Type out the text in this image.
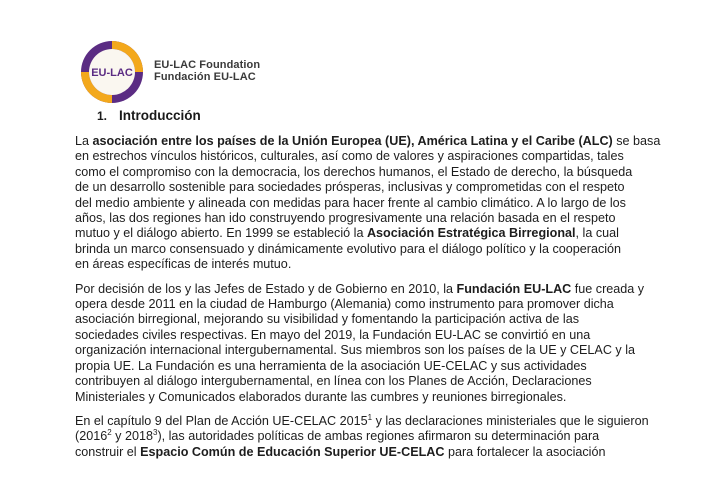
EU-LAC
EU-LAC Foundation
Fundación EU-LAC
1. Introducción
La asociación entre los países de la Unión Europea (UE), América Latina y el Caribe (ALC) se basa
en estrechos vínculos históricos, culturales, así como de valores y aspiraciones compartidas, tales
como el compromiso con la democracia, los derechos humanos, el Estado de derecho, la búsqueda
de un desarrollo sostenible para sociedades prósperas, inclusivas y comprometidas con el respeto
del medio ambiente y alineada con medidas para hacer frente al cambio climático. A lo largo de los
años, las dos regiones han ido construyendo progresivamente una relación basada en el respeto
mutuo y el diálogo abierto. En 1999 se estableció la Asociación Estratégica Birregional, la cual
brinda un marco consensuado y dinámicamente evolutivo para el diálogo político y la cooperación
en áreas específicas de interés mutuo.
Por decisión de los y las Jefes de Estado y de Gobierno en 2010, la Fundación EU-LAC fue creada y
opera desde 2011 en la ciudad de Hamburgo (Alemania) como instrumento para promover dicha
asociación birregional, mejorando su visibilidad y fomentando la participación activa de las
sociedades civiles respectivas. En mayo del 2019, la Fundación EU-LAC se convirtió en una
organización internacional intergubernamental. Sus miembros son los países de la UE y CELAC y la
propia UE. La Fundación es una herramienta de la asociación UE-CELAC y sus actividades
contribuyen al diálogo intergubernamental, en línea con los Planes de Acción, Declaraciones
Ministeriales y Comunicados elaborados durante las cumbres y reuniones birregionales.
En el capítulo 9 del Plan de Acción UE-CELAC 2015$^1$ y las declaraciones ministeriales que le siguieron
(2016$^2$ y 2018$^3$), las autoridades políticas de ambas regiones afirmaron su determinación para
construir el Espacio Común de Educación Superior UE-CELAC para fortalecer la asociación
